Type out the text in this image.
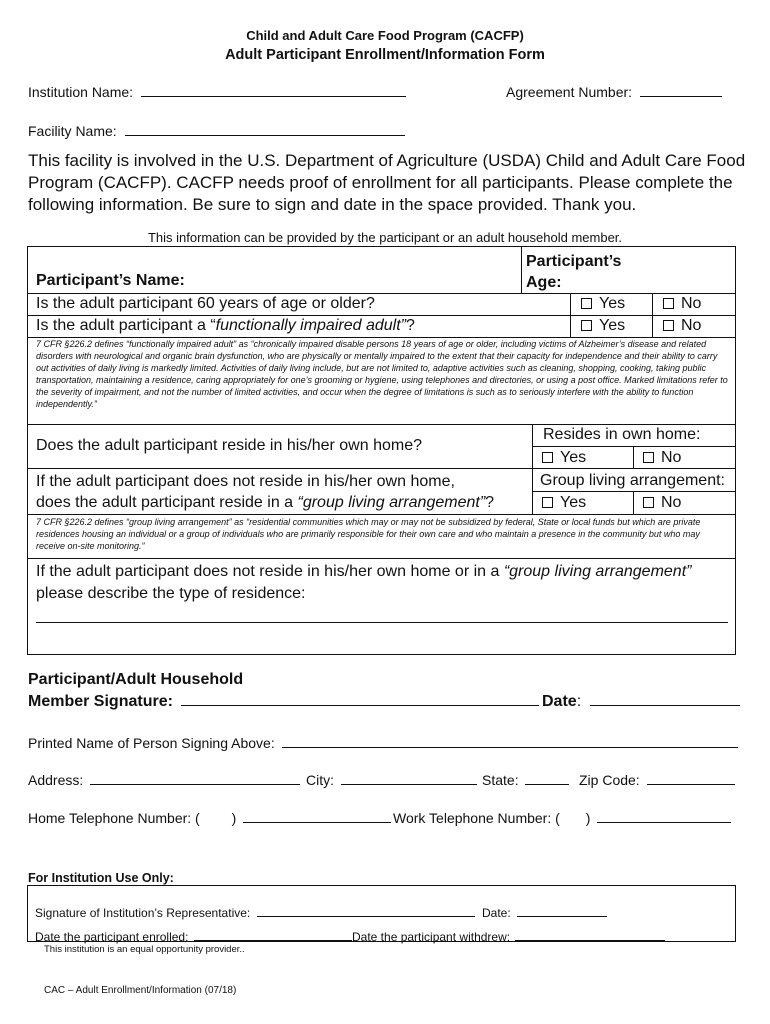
Child and Adult Care Food Program (CACFP)
Adult Participant Enrollment/Information Form
Institution Name:	Agreement Number:
Facility Name:
This facility is involved in the U.S. Department of Agriculture (USDA) Child and Adult Care Food Program (CACFP). CACFP needs proof of enrollment for all participants. Please complete the following information. Be sure to sign and date in the space provided. Thank you.
This information can be provided by the participant or an adult household member.
Participant’s Name:
Participant’s
Age:
Is the adult participant 60 years of age or older?	Yes	No
Is the adult participant a “functionally impaired adult”?	Yes	No
7 CFR §226.2 defines “functionally impaired adult” as “chronically impaired disable persons 18 years of age or older, including victims of Alzheimer’s disease and related disorders with neurological and organic brain dysfunction, who are physically or mentally impaired to the extent that their capacity for independence and their ability to carry out activities of daily living is markedly limited. Activities of daily living include, but are not limited to, adaptive activities such as cleaning, shopping, cooking, taking public transportation, maintaining a residence, caring appropriately for one’s grooming or hygiene, using telephones and directories, or using a post office. Marked limitations refer to the severity of impairment, and not the number of limited activities, and occur when the degree of limitations is such as to seriously interfere with the ability to function independently.”
Does the adult participant reside in his/her own home?
Resides in own home:
Yes	No
If the adult participant does not reside in his/her own home,
does the adult participant reside in a “group living arrangement”?
Group living arrangement:
Yes	No
7 CFR §226.2 defines “group living arrangement” as “residential communities which may or may not be subsidized by federal, State or local funds but which are private residences housing an individual or a group of individuals who are primarily responsible for their own care and who maintain a presence in the community but who may receive on-site monitoring.”
If the adult participant does not reside in his/her own home or in a “group living arrangement”
please describe the type of residence:
Participant/Adult Household
Member Signature:	Date:
Printed Name of Person Signing Above:
Address:	City:	State:	Zip Code:
Home Telephone Number: ( )	Work Telephone Number: ( )
For Institution Use Only:
Signature of Institution’s Representative:	Date:
Date the participant enrolled:	Date the participant withdrew:
This institution is an equal opportunity provider..
CAC – Adult Enrollment/Information (07/18)
